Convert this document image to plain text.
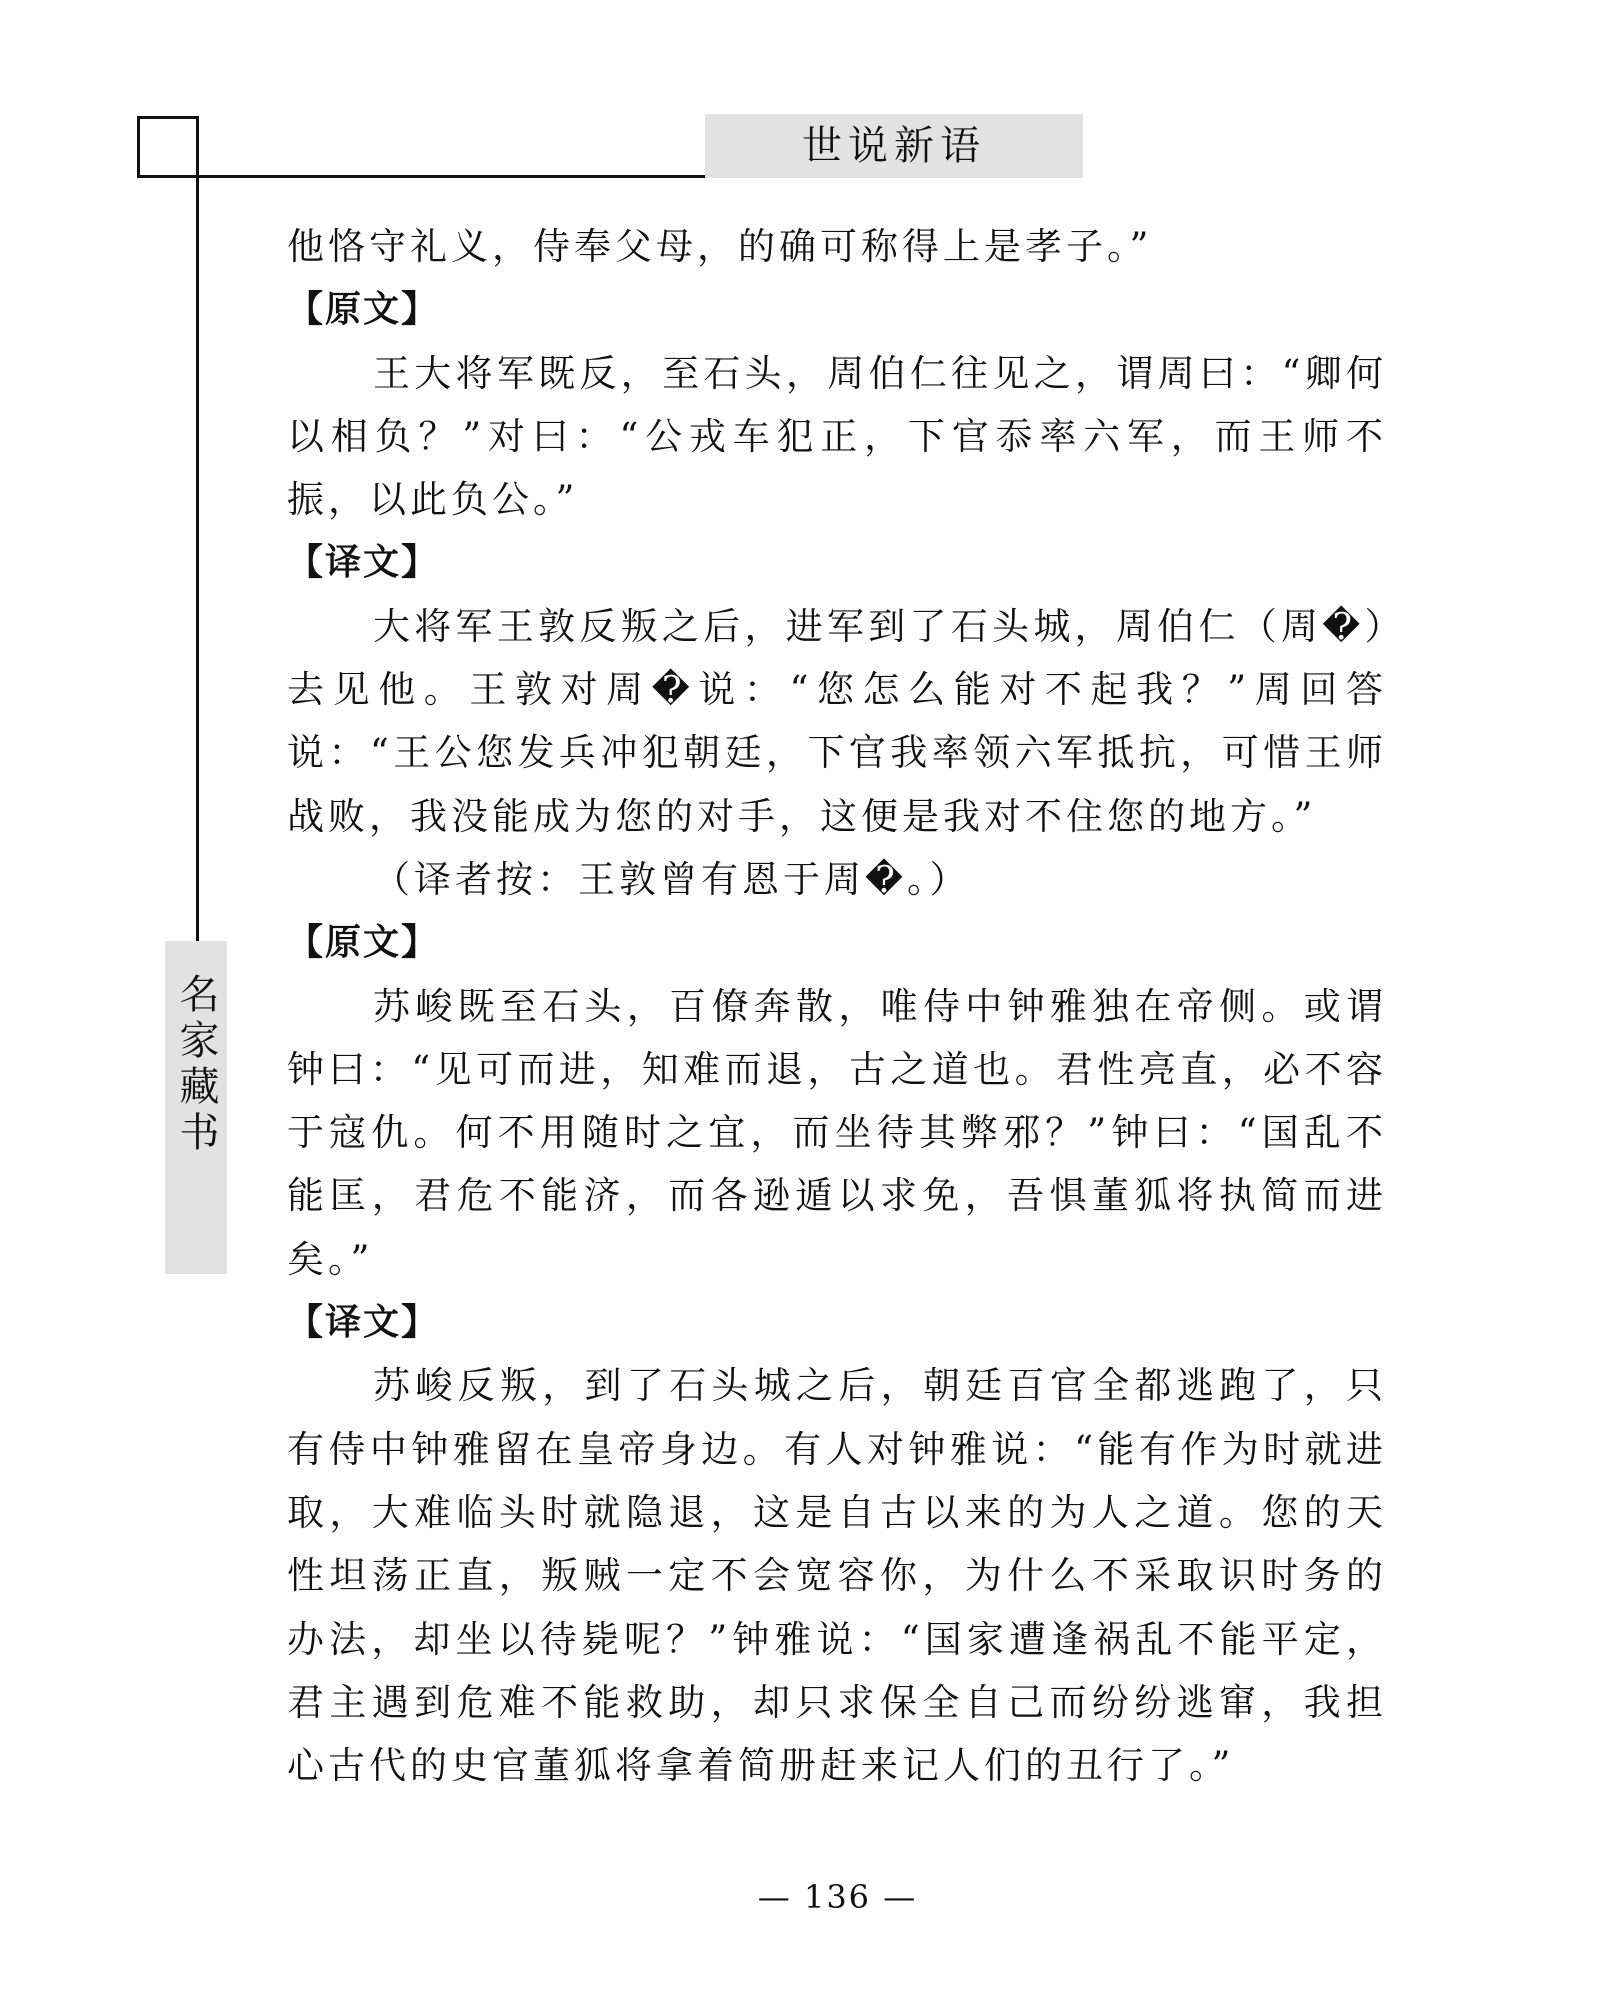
世说新语
名家藏书

他恪守礼义，侍奉父母，的确可称得上是孝子。”

【原文】

王大将军既反，至石头，周伯仁往见之，谓周曰：“卿何以相负？”对曰：“公戎车犯正，下官忝率六军，而王师不振，以此负公。”

【译文】

大将军王敦反叛之后，进军到了石头城，周伯仁（周�）去见他。王敦对周�说：“您怎么能对不起我？”周回答说：“王公您发兵冲犯朝廷，下官我率领六军抵抗，可惜王师战败，我没能成为您的对手，这便是我对不住您的地方。”

（译者按：王敦曾有恩于周�。）

【原文】

苏峻既至石头，百僚奔散，唯侍中钟雅独在帝侧。或谓钟曰：“见可而进，知难而退，古之道也。君性亮直，必不容于寇仇。何不用随时之宜，而坐待其弊邪？”钟曰：“国乱不能匡，君危不能济，而各逊遁以求免，吾惧董狐将执简而进矣。”

【译文】

苏峻反叛，到了石头城之后，朝廷百官全都逃跑了，只有侍中钟雅留在皇帝身边。有人对钟雅说：“能有作为时就进取，大难临头时就隐退，这是自古以来的为人之道。您的天性坦荡正直，叛贼一定不会宽容你，为什么不采取识时务的办法，却坐以待毙呢？”钟雅说：“国家遭逢祸乱不能平定，君主遇到危难不能救助，却只求保全自己而纷纷逃窜，我担心古代的史官董狐将拿着简册赶来记人们的丑行了。”

— 136 —
